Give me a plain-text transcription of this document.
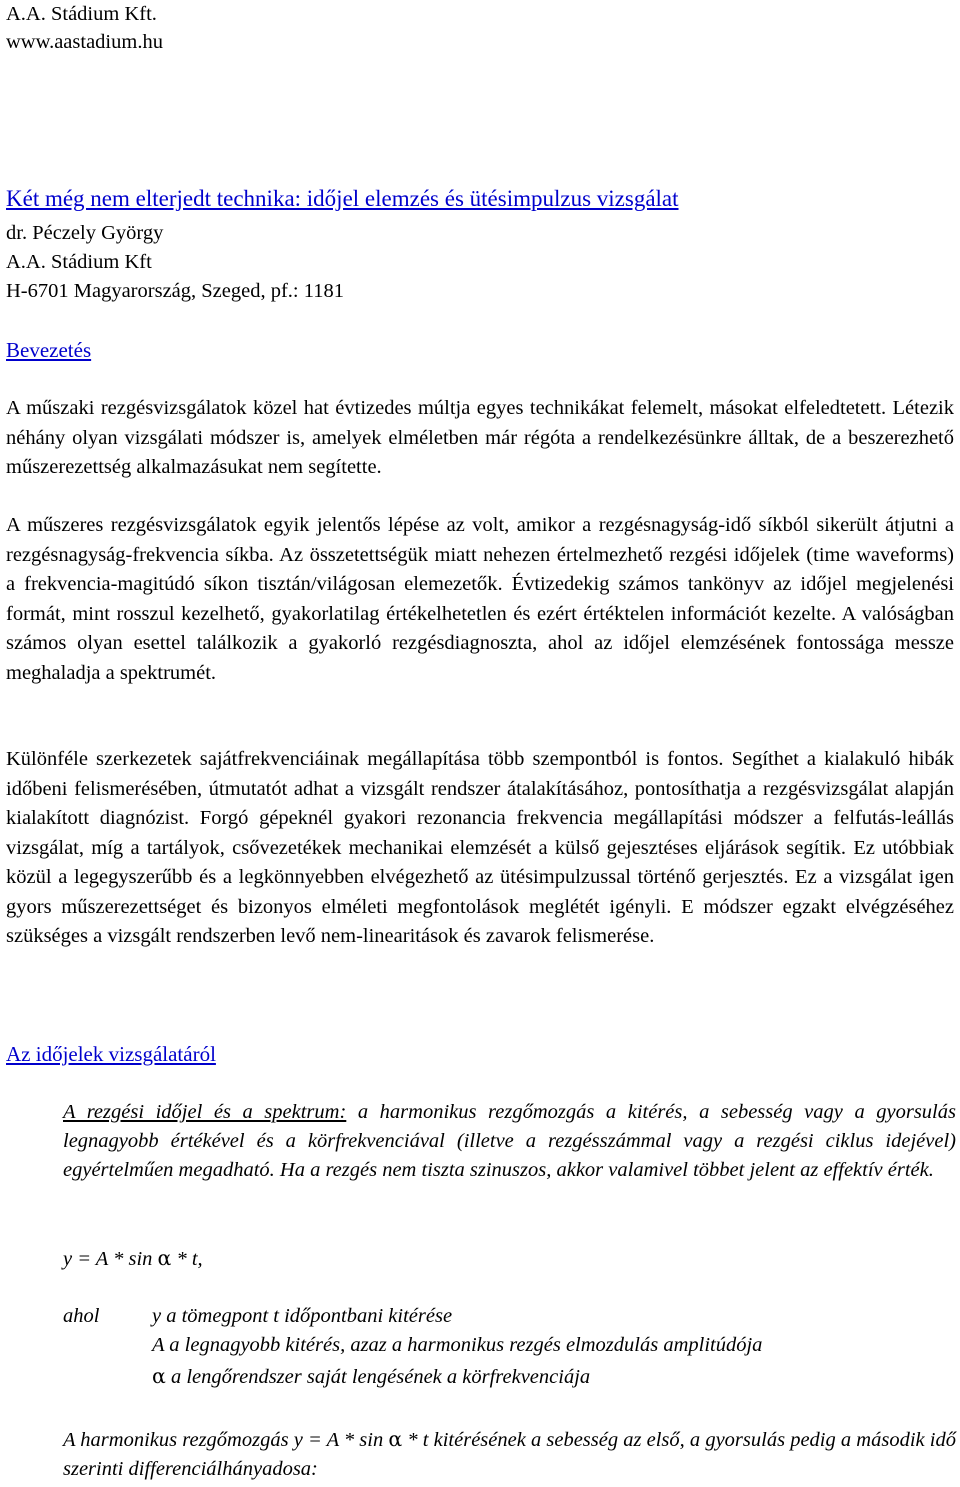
A.A. Stádium Kft.
www.aastadium.hu
Két még nem elterjedt technika: időjel elemzés és ütésimpulzus vizsgálat
dr. Péczely György
A.A. Stádium Kft
H-6701 Magyarország, Szeged, pf.: 1181
Bevezetés

A műszaki rezgésvizsgálatok közel hat évtizedes múltja egyes technikákat felemelt, másokat elfeledtetett. Létezik néhány olyan vizsgálati módszer is, amelyek elméletben már régóta a rendelkezésünkre álltak, de a beszerezhető műszerezettség alkalmazásukat nem segítette.

A műszeres rezgésvizsgálatok egyik jelentős lépése az volt, amikor a rezgésnagyság-idő síkból sikerült átjutni a rezgésnagyság-frekvencia síkba. Az összetettségük miatt nehezen értelmezhető rezgési időjelek (time waveforms) a frekvencia-magitúdó síkon tisztán/világosan elemezetők. Évtizedekig számos tankönyv az időjel megjelenési formát, mint rosszul kezelhető, gyakorlatilag értékelhetetlen és ezért értéktelen információt kezelte. A valóságban számos olyan esettel találkozik a gyakorló rezgésdiagnoszta, ahol az időjel elemzésének fontossága messze meghaladja a spektrumét.

Különféle szerkezetek sajátfrekvenciáinak megállapítása több szempontból is fontos. Segíthet a kialakuló hibák időbeni felismerésében, útmutatót adhat a vizsgált rendszer átalakításához, pontosíthatja a rezgésvizsgálat alapján kialakított diagnózist. Forgó gépeknél gyakori rezonancia frekvencia megállapítási módszer a felfutás-leállás vizsgálat, míg a tartályok, csővezetékek mechanikai elemzését a külső gejesztéses eljárások segítik. Ez utóbbiak közül a legegyszerűbb és a legkönnyebben elvégezhető az ütésimpulzussal történő gerjesztés. Ez a vizsgálat igen gyors műszerezettséget és bizonyos elméleti megfontolások meglétét igényli. E módszer egzakt elvégzéséhez szükséges a vizsgált rendszerben levő nem-linearitások és zavarok felismerése.

Az időjelek vizsgálatáról

A rezgési időjel és a spektrum: a harmonikus rezgőmozgás a kitérés, a sebesség vagy a gyorsulás legnagyobb értékével és a körfrekvenciával (illetve a rezgésszámmal vagy a rezgési ciklus idejével) egyértelműen megadható. Ha a rezgés nem tiszta szinuszos, akkor valamivel többet jelent az effektív érték.

y = A * sin α * t,
ahol	y a tömegpont t időpontbani kitérése
A a legnagyobb kitérés, azaz a harmonikus rezgés elmozdulás amplitúdója
α a lengőrendszer saját lengésének a körfrekvenciája

A harmonikus rezgőmozgás y = A * sin α * t kitérésének a sebesség az első, a gyorsulás pedig a második idő szerinti differenciálhányadosa:
